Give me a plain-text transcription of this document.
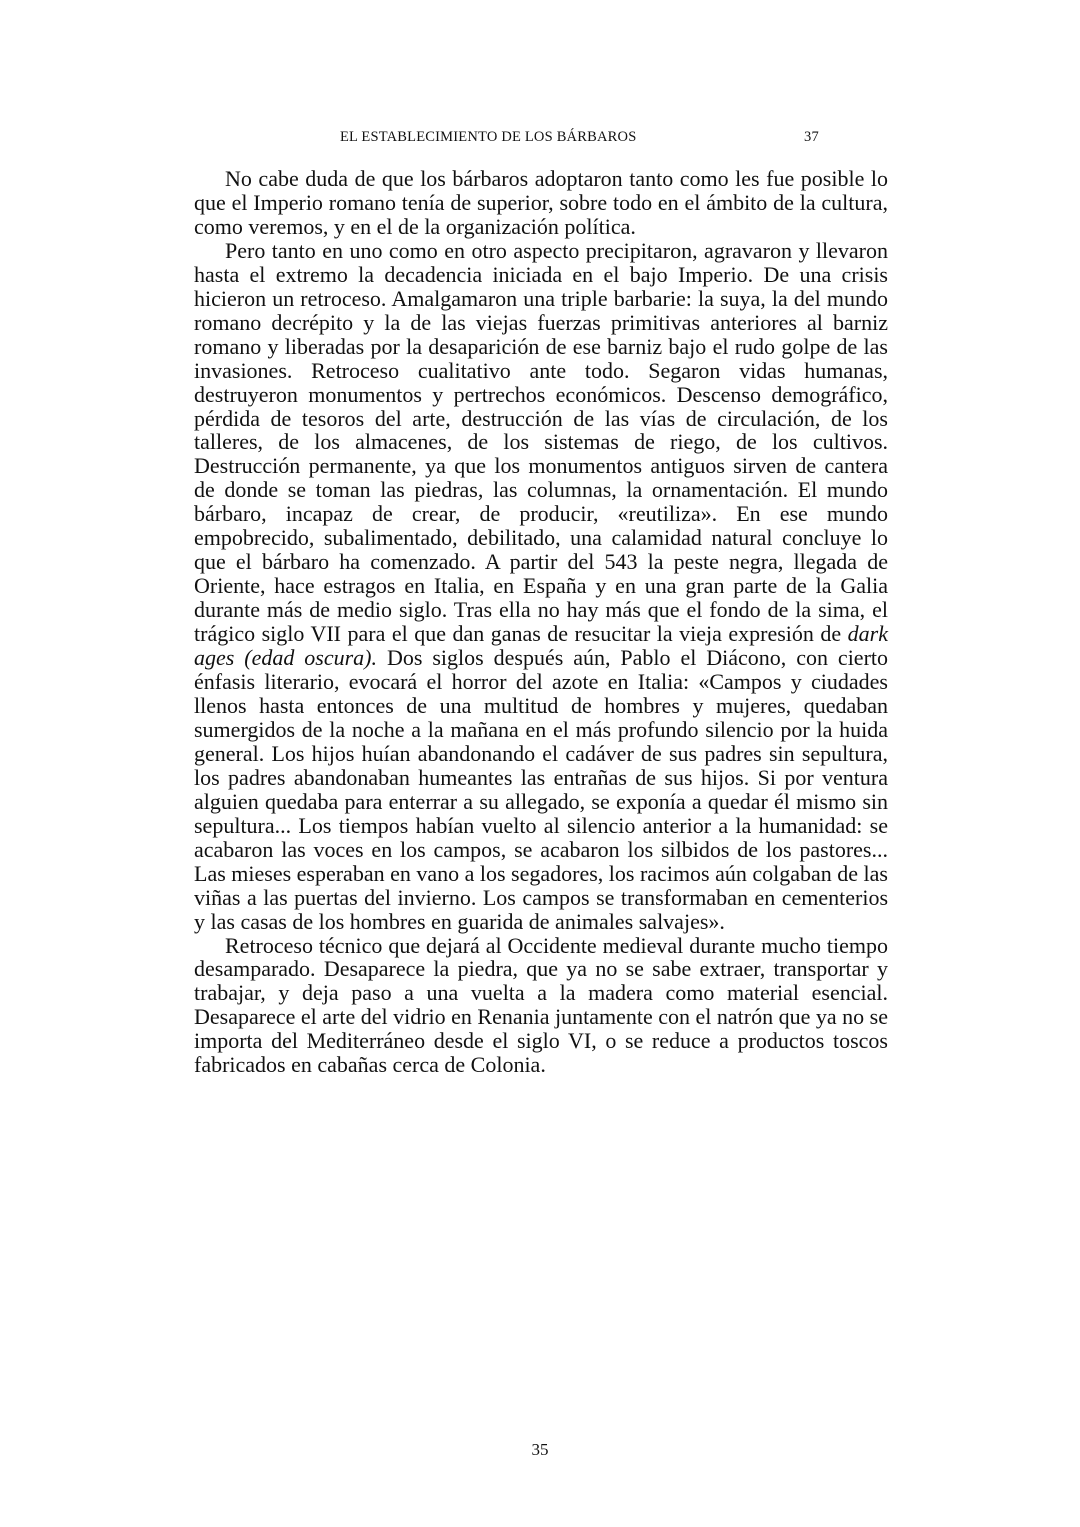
EL ESTABLECIMIENTO DE LOS BÁRBAROS	37

No cabe duda de que los bárbaros adoptaron tanto como les fue posible lo que el Imperio romano tenía de superior, sobre todo en el ámbito de la cultura, como veremos, y en el de la organización política.

Pero tanto en uno como en otro aspecto precipitaron, agravaron y llevaron hasta el extremo la decadencia iniciada en el bajo Imperio. De una crisis hicieron un retroceso. Amalgamaron una triple barbarie: la suya, la del mundo romano decrépito y la de las viejas fuerzas primitivas anteriores al barniz romano y liberadas por la desaparición de ese barniz bajo el rudo golpe de las invasiones. Retroceso cualitativo ante todo. Segaron vidas humanas, destruyeron monumentos y pertrechos económicos. Descenso demográfico, pérdida de tesoros del arte, destrucción de las vías de circulación, de los talleres, de los almacenes, de los sistemas de riego, de los cultivos. Destrucción permanente, ya que los monumentos antiguos sirven de cantera de donde se toman las piedras, las columnas, la ornamentación. El mundo bárbaro, incapaz de crear, de producir, «reutiliza». En ese mundo empobrecido, subalimentado, debilitado, una calamidad natural concluye lo que el bárbaro ha comenzado. A partir del 543 la peste negra, llegada de Oriente, hace estragos en Italia, en España y en una gran parte de la Galia durante más de medio siglo. Tras ella no hay más que el fondo de la sima, el trágico siglo VII para el que dan ganas de resucitar la vieja expresión de dark ages (edad oscura). Dos siglos después aún, Pablo el Diácono, con cierto énfasis literario, evocará el horror del azote en Italia: «Campos y ciudades llenos hasta entonces de una multitud de hombres y mujeres, quedaban sumergidos de la noche a la mañana en el más profundo silencio por la huida general. Los hijos huían abandonando el cadáver de sus padres sin sepultura, los padres abandonaban humeantes las entrañas de sus hijos. Si por ventura alguien quedaba para enterrar a su allegado, se exponía a quedar él mismo sin sepultura... Los tiempos habían vuelto al silencio anterior a la humanidad: se acabaron las voces en los campos, se acabaron los silbidos de los pastores... Las mieses esperaban en vano a los segadores, los racimos aún colgaban de las viñas a las puertas del invierno. Los campos se transformaban en cementerios y las casas de los hombres en guarida de animales salvajes».

Retroceso técnico que dejará al Occidente medieval durante mucho tiempo desamparado. Desaparece la piedra, que ya no se sabe extraer, transportar y trabajar, y deja paso a una vuelta a la madera como material esencial. Desaparece el arte del vidrio en Renania juntamente con el natrón que ya no se importa del Mediterráneo desde el siglo VI, o se reduce a productos toscos fabricados en cabañas cerca de Colonia.

35
